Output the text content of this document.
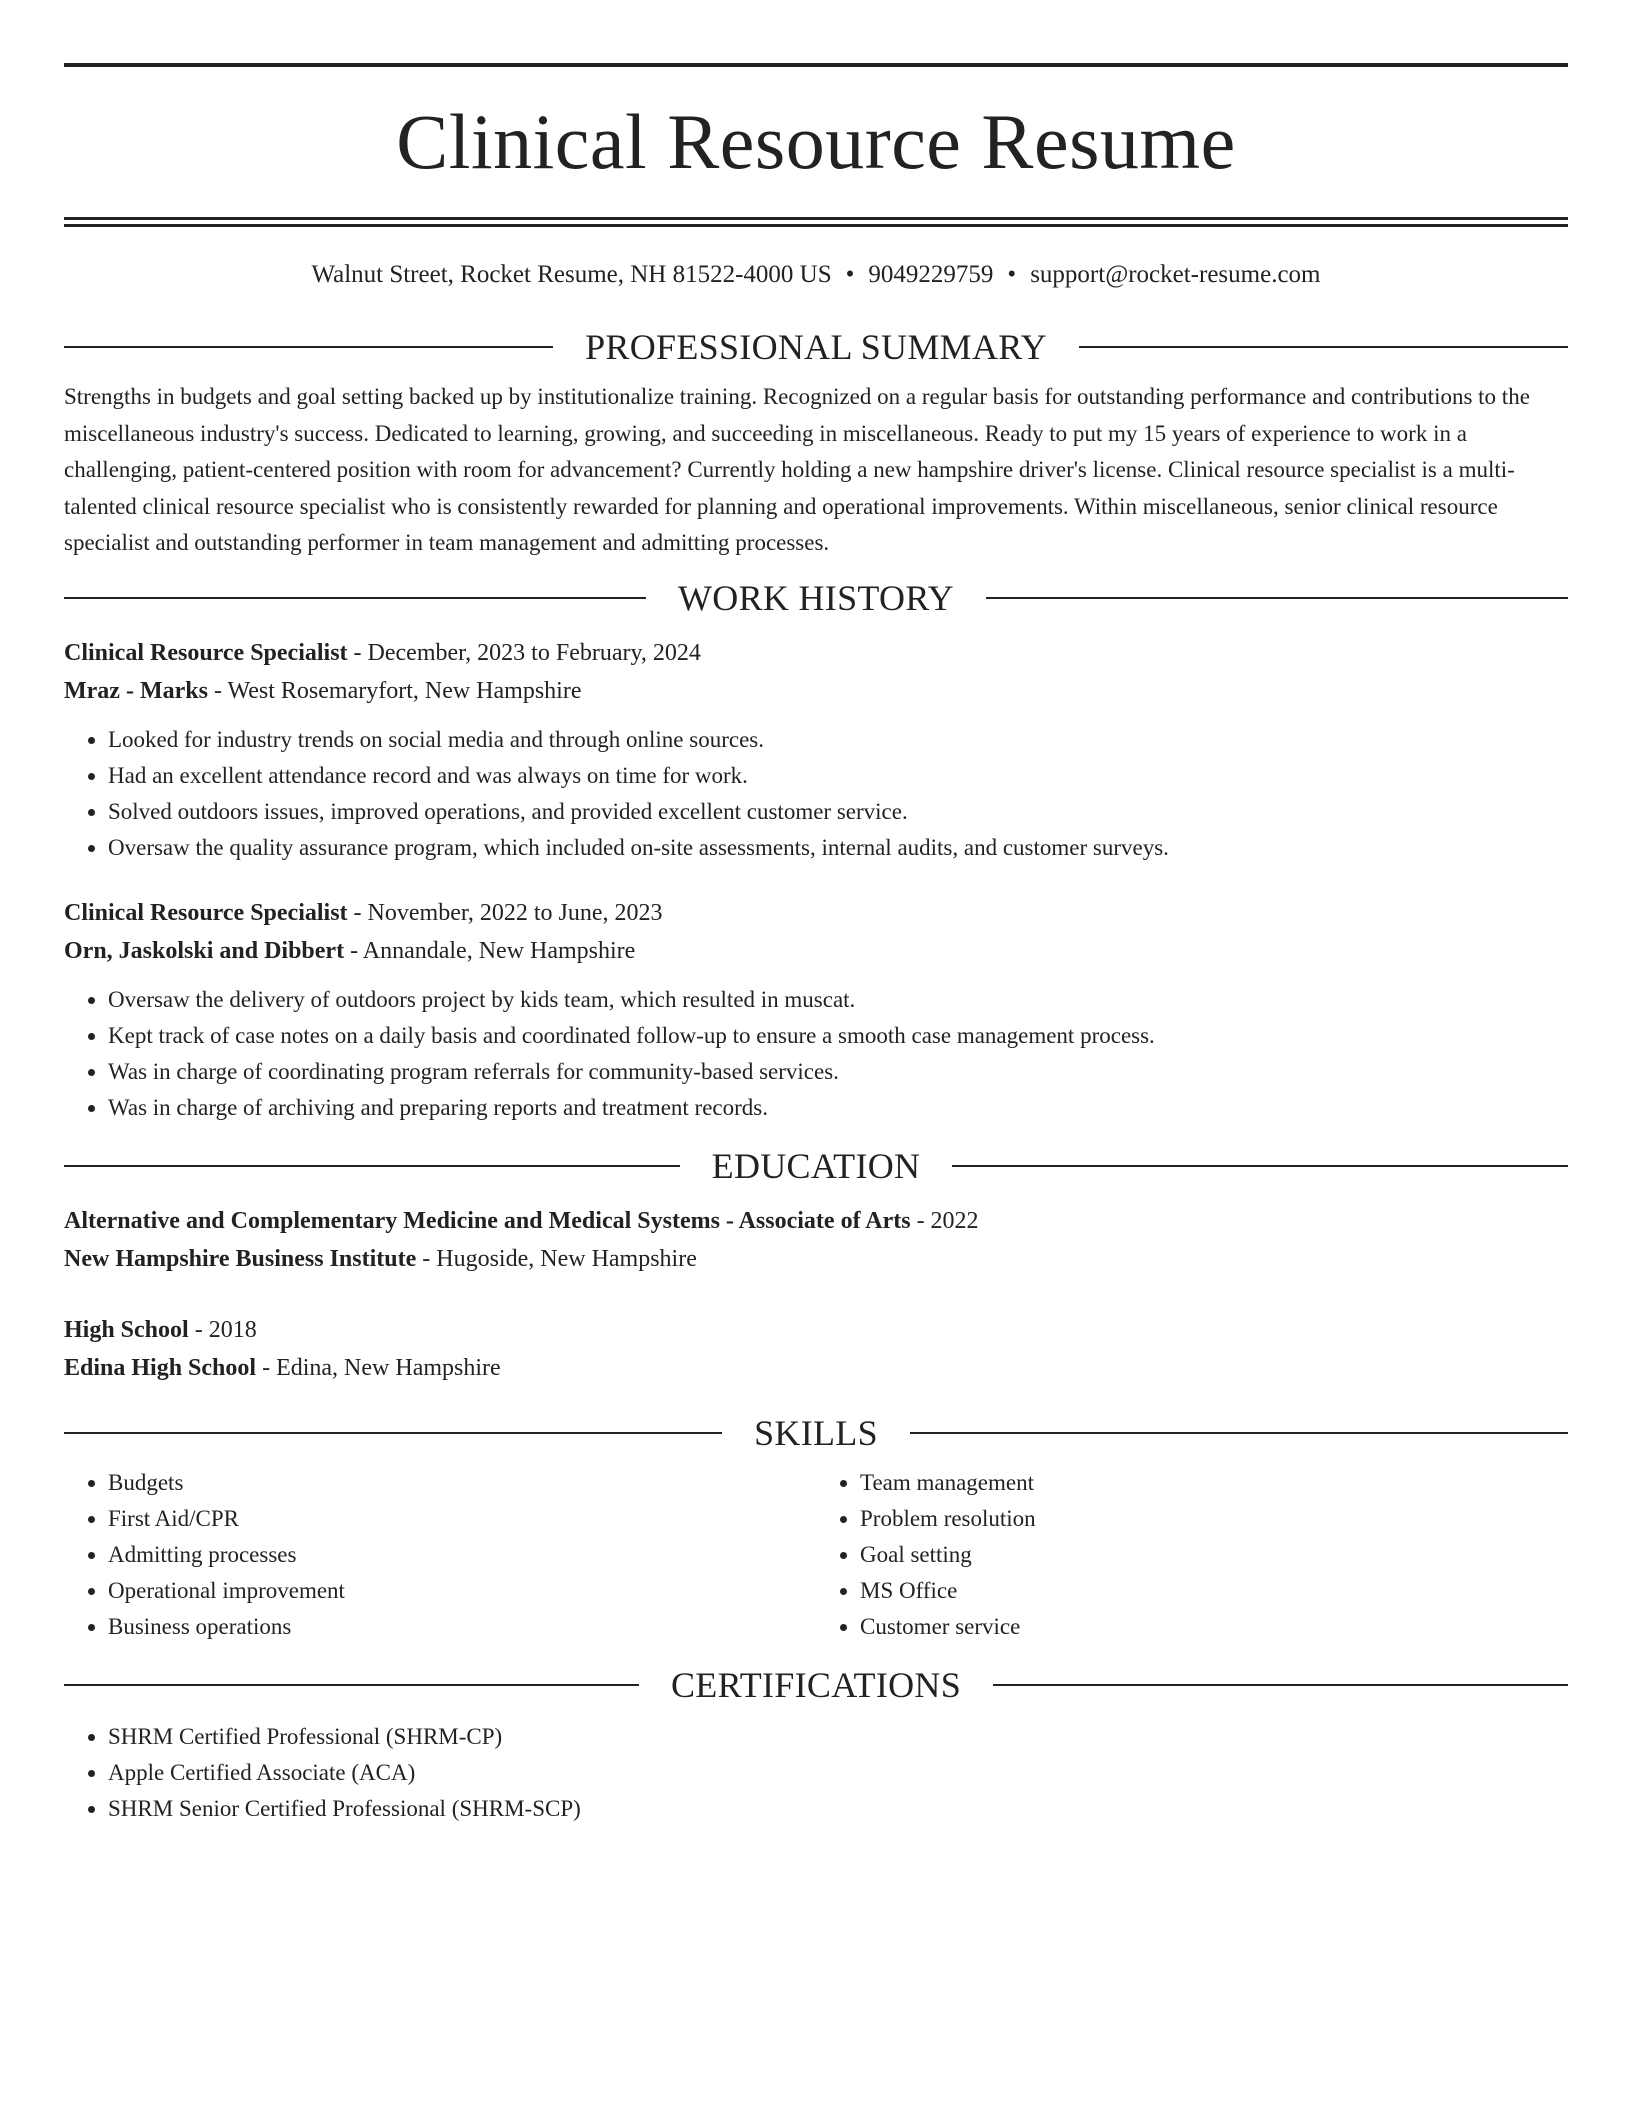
Clinical Resource Resume
Walnut Street, Rocket Resume, NH 81522-4000 US • 9049229759 • support@rocket-resume.com
PROFESSIONAL SUMMARY

Strengths in budgets and goal setting backed up by institutionalize training. Recognized on a regular basis for outstanding performance and contributions to the miscellaneous industry's success. Dedicated to learning, growing, and succeeding in miscellaneous. Ready to put my 15 years of experience to work in a challenging, patient-centered position with room for advancement? Currently holding a new hampshire driver's license. Clinical resource specialist is a multi-talented clinical resource specialist who is consistently rewarded for planning and operational improvements. Within miscellaneous, senior clinical resource specialist and outstanding performer in team management and admitting processes.

WORK HISTORY
Clinical Resource Specialist - December, 2023 to February, 2024
Mraz - Marks - West Rosemaryfort, New Hampshire
• Looked for industry trends on social media and through online sources.
• Had an excellent attendance record and was always on time for work.
• Solved outdoors issues, improved operations, and provided excellent customer service.
• Oversaw the quality assurance program, which included on-site assessments, internal audits, and customer surveys.
Clinical Resource Specialist - November, 2022 to June, 2023
Orn, Jaskolski and Dibbert - Annandale, New Hampshire
• Oversaw the delivery of outdoors project by kids team, which resulted in muscat.
• Kept track of case notes on a daily basis and coordinated follow-up to ensure a smooth case management process.
• Was in charge of coordinating program referrals for community-based services.
• Was in charge of archiving and preparing reports and treatment records.
EDUCATION
Alternative and Complementary Medicine and Medical Systems - Associate of Arts - 2022
New Hampshire Business Institute - Hugoside, New Hampshire
High School - 2018
Edina High School - Edina, New Hampshire
SKILLS
• Budgets
• First Aid/CPR
• Admitting processes
• Operational improvement
• Business operations
• Team management
• Problem resolution
• Goal setting
• MS Office
• Customer service
CERTIFICATIONS
• SHRM Certified Professional (SHRM-CP)
• Apple Certified Associate (ACA)
• SHRM Senior Certified Professional (SHRM-SCP)
